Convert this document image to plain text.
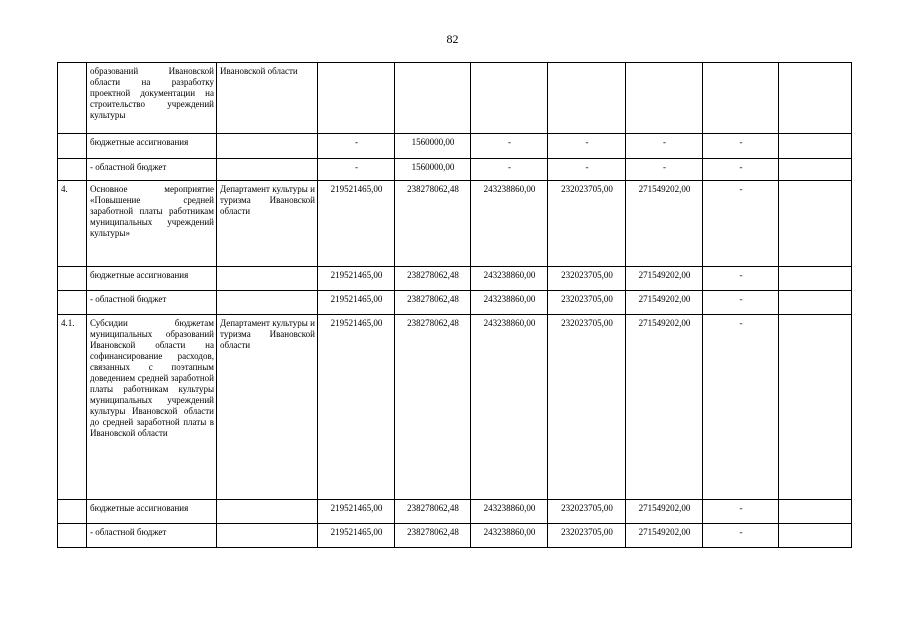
82
	образований Ивановской области на разработку проектной документации на строительство учреждений культуры	Ивановской области							
	бюджетные ассигнования		-	1560000,00	-	-	-	-	
	- областной бюджет		-	1560000,00	-	-	-	-	
4.	Основное мероприятие «Повышение средней заработной платы работникам муниципальных учреждений культуры»	Департамент культуры и туризма Ивановской области	219521465,00	238278062,48	243238860,00	232023705,00	271549202,00	-	
	бюджетные ассигнования		219521465,00	238278062,48	243238860,00	232023705,00	271549202,00	-	
	- областной бюджет		219521465,00	238278062,48	243238860,00	232023705,00	271549202,00	-	
4.1.	Субсидии бюджетам муниципальных образований Ивановской области на софинансирование расходов, связанных с поэтапным доведением средней заработной платы работникам культуры муниципальных учреждений культуры Ивановской области до средней заработной платы в Ивановской области	Департамент культуры и туризма Ивановской области	219521465,00	238278062,48	243238860,00	232023705,00	271549202,00	-	
	бюджетные ассигнования		219521465,00	238278062,48	243238860,00	232023705,00	271549202,00	-	
	- областной бюджет		219521465,00	238278062,48	243238860,00	232023705,00	271549202,00	-	
